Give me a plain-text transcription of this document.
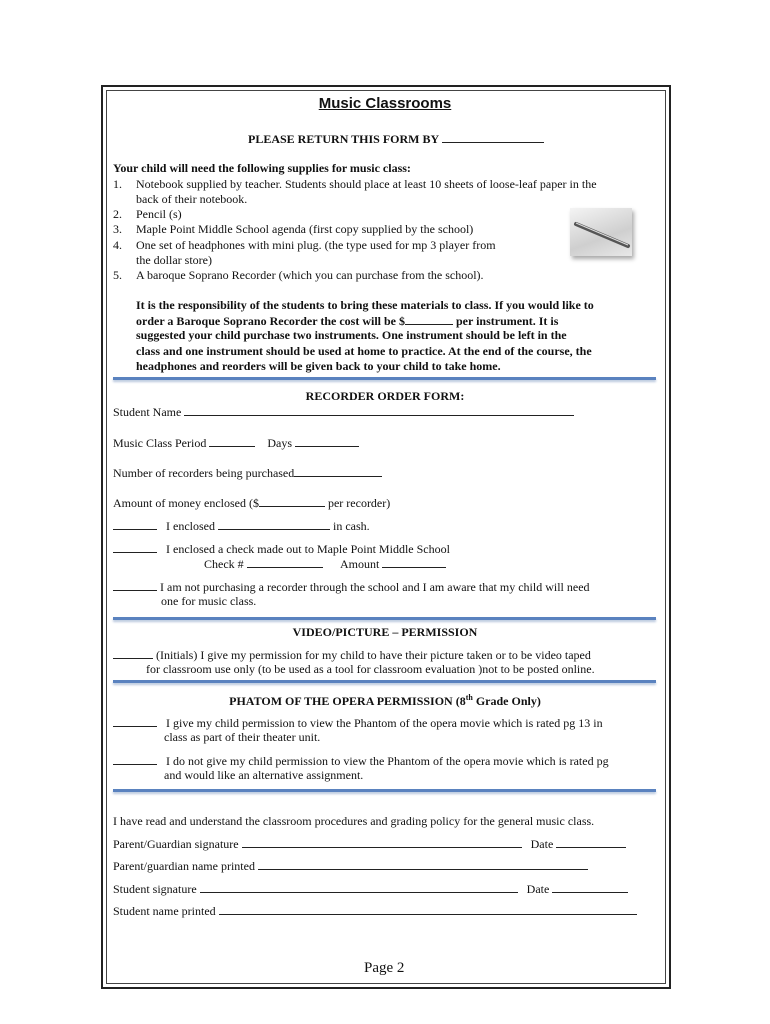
Music Classrooms
PLEASE RETURN THIS FORM BY
Your child will need the following supplies for music class:
1. Notebook supplied by teacher. Students should place at least 10 sheets of loose-leaf paper in the
back of their notebook.
2. Pencil (s)
3. Maple Point Middle School agenda (first copy supplied by the school)
4. One set of headphones with mini plug. (the type used for mp 3 player from
the dollar store)
5. A baroque Soprano Recorder (which you can purchase from the school).
It is the responsibility of the students to bring these materials to class. If you would like to
order a Baroque Soprano Recorder the cost will be $	per instrument. It is
suggested your child purchase two instruments. One instrument should be left in the
class and one instrument should be used at home to practice. At the end of the course, the
headphones and reorders will be given back to your child to take home.
RECORDER ORDER FORM:
Student Name
Music Class Period	Days
Number of recorders being purchased
Amount of money enclosed ($	per recorder)
I enclosed	in cash.
I enclosed a check made out to Maple Point Middle School
Check #	Amount
I am not purchasing a recorder through the school and I am aware that my child will need
one for music class.
VIDEO/PICTURE – PERMISSION
(Initials) I give my permission for my child to have their picture taken or to be video taped
for classroom use only (to be used as a tool for classroom evaluation )not to be posted online.
PHATOM OF THE OPERA PERMISSION (8th Grade Only)
I give my child permission to view the Phantom of the opera movie which is rated pg 13 in
class as part of their theater unit.
I do not give my child permission to view the Phantom of the opera movie which is rated pg
and would like an alternative assignment.
I have read and understand the classroom procedures and grading policy for the general music class.
Parent/Guardian signature	Date
Parent/guardian name printed
Student signature	Date
Student name printed
Page 2
